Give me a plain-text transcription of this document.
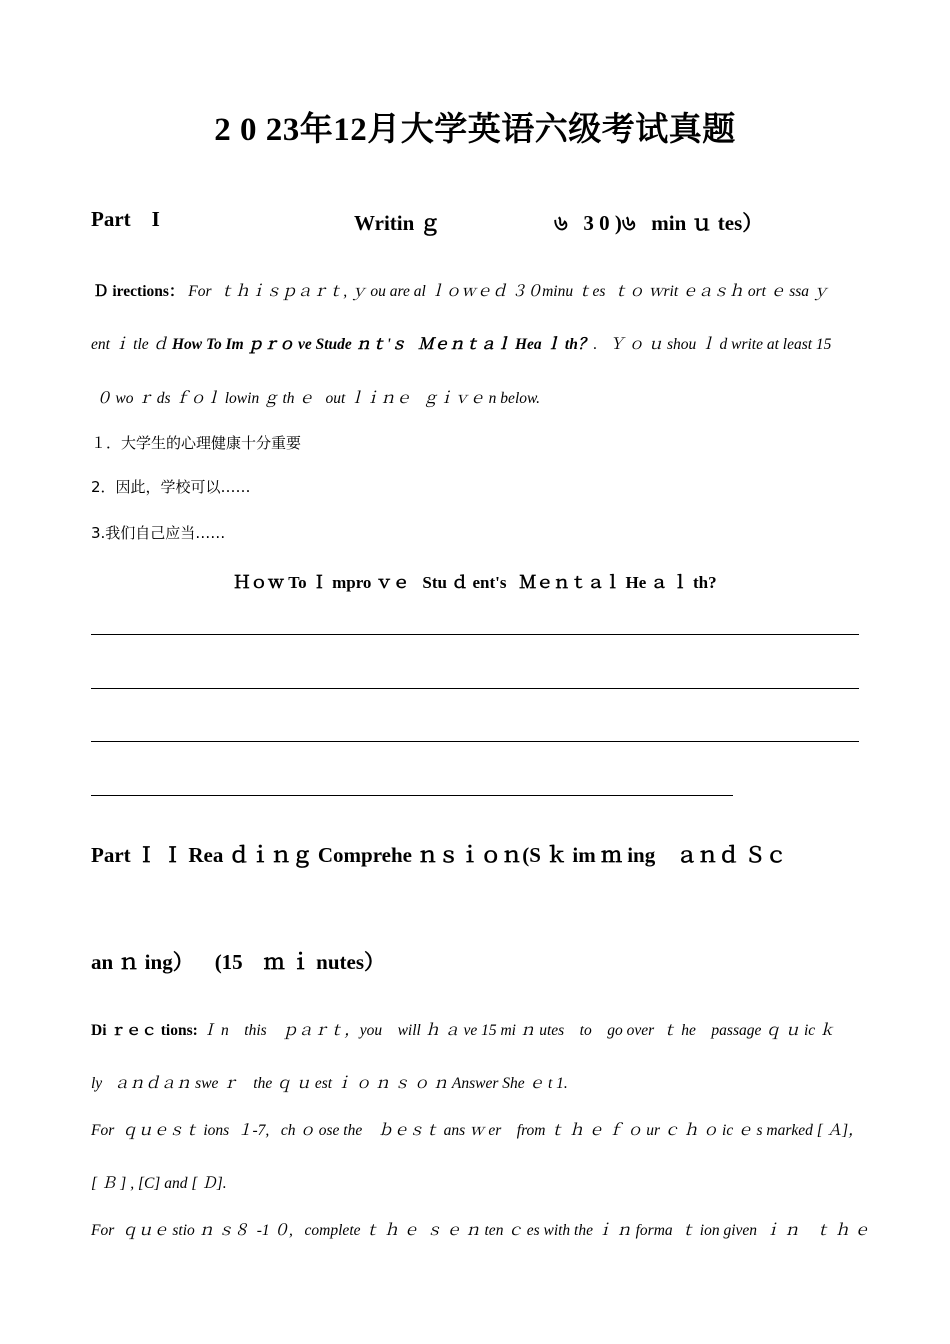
2 0 23年12月大学英语六级考试真题
Part    I	Writin ｇ	৬   3 0 )৬   min ｕ tes）
Ｄ irections： For  ｔｈｉｓｐａｒｔ, ｙ ou are al ｌｏｗｅｄ ３０minu ｔes  ｔｏ ｗrit ｅａｓｈ ort ｅ ssa ｙ
ent ｉ tle ｄ How To Im ｐｒｏ ve Stude ｎｔ'ｓ   Ｍｅｎｔａｌ Hea ｌ th？.   Ｙ ｏ ｕ shou ｌ d write at least 15
０ wo ｒ ds ｆｏｌ lowin ｇ th ｅ   out ｌｉｎｅ   ｇｉｖｅ n below.
１．大学生的心理健康十分重要
2．因此，学校可以……
3.我们自己应当……
Ｈｏｗ To Ｉ mpro ｖｅ   Stu ｄ ent's   Ｍｅｎｔａｌ He ａ ｌ th?
Part Ｉ Ｉ Rea ｄｉｎｇ Comprehe ｎｓｉｏｎ(S ｋ im ｍ ing    ａｎｄ Ｓｃ
an ｎ ing）    (15    ｍ ｉ nutes）
Di ｒｅｃ tions: Ｉ n    this    ｐａｒｔ，you    will ｈ ａ ve 15 mi ｎ utes    to    go over  ｔ he    passage ｑ ｕ ic ｋ
ly   ａｎｄａｎ swe ｒ    the ｑ ｕ est ｉ ｏ ｎ ｓ ｏ ｎ Answer She ｅ t 1.
For  ｑｕｅｓｔ ions  １-7,   ch ｏ ose the    ｂｅｓｔ ans ｗ er    from ｔ ｈ ｅ ｆ ｏ ur ｃ ｈ ｏ ic ｅ s marked [ Ａ]，
[ Ｂ ] , [C] and [ Ｄ].
For  ｑｕｅ stio ｎ ｓ８  -1 ０,   complete ｔ ｈ ｅ  ｓ ｅ ｎ ten ｃ es with the ｉ ｎ forma  ｔ ion given  ｉ ｎ    ｔ ｈ ｅ
